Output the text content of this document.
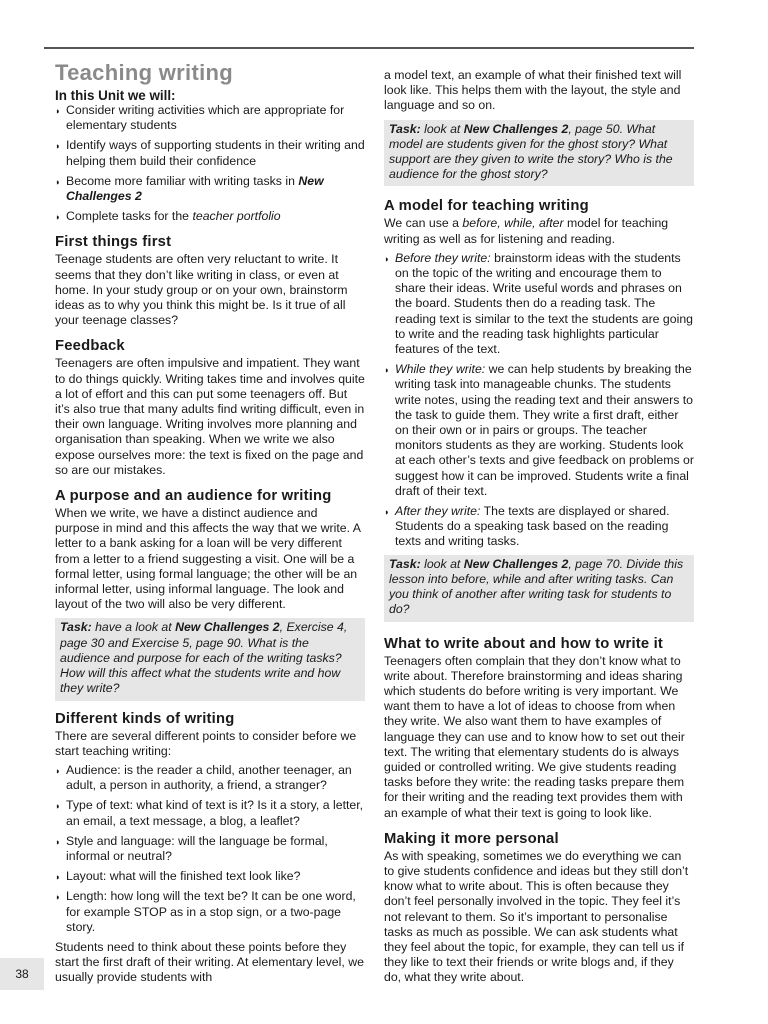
Teaching writing
In this Unit we will:
◗ Consider writing activities which are appropriate for elementary students
◗ Identify ways of supporting students in their writing and helping them build their confidence
◗ Become more familiar with writing tasks in New Challenges 2
◗ Complete tasks for the teacher portfolio
First things first

Teenage students are often very reluctant to write. It seems that they don’t like writing in class, or even at home. In your study group or on your own, brainstorm ideas as to why you think this might be. Is it true of all your teenage classes?

Feedback

Teenagers are often impulsive and impatient. They want to do things quickly. Writing takes time and involves quite a lot of effort and this can put some teenagers off. But it’s also true that many adults find writing difficult, even in their own language. Writing involves more planning and organisation than speaking. When we write we also expose ourselves more: the text is fixed on the page and so are our mistakes.

A purpose and an audience for writing

When we write, we have a distinct audience and purpose in mind and this affects the way that we write. A letter to a bank asking for a loan will be very different from a letter to a friend suggesting a visit. One will be a formal letter, using formal language; the other will be an informal letter, using informal language. The look and layout of the two will also be very different.

Task: have a look at New Challenges 2, Exercise 4, page 30 and Exercise 5, page 90. What is the audience and purpose for each of the writing tasks? How will this affect what the students write and how they write?
Different kinds of writing

There are several different points to consider before we start teaching writing:

◗ Audience: is the reader a child, another teenager, an adult, a person in authority, a friend, a stranger?
◗ Type of text: what kind of text is it? Is it a story, a letter, an email, a text message, a blog, a leaflet?
◗ Style and language: will the language be formal, informal or neutral?
◗ Layout: what will the finished text look like?
◗ Length: how long will the text be? It can be one word, for example STOP as in a stop sign, or a two-page story.

Students need to think about these points before they start the first draft of their writing. At elementary level, we usually provide students with

a model text, an example of what their finished text will look like. This helps them with the layout, the style and language and so on.

Task: look at New Challenges 2, page 50. What model are students given for the ghost story? What support are they given to write the story? Who is the audience for the ghost story?
A model for teaching writing

We can use a before, while, after model for teaching writing as well as for listening and reading.

◗ Before they write: brainstorm ideas with the students on the topic of the writing and encourage them to share their ideas. Write useful words and phrases on the board. Students then do a reading task. The reading text is similar to the text the students are going to write and the reading task highlights particular features of the text.
◗ While they write: we can help students by breaking the writing task into manageable chunks. The students write notes, using the reading text and their answers to the task to guide them. They write a first draft, either on their own or in pairs or groups. The teacher monitors students as they are working. Students look at each other’s texts and give feedback on problems or suggest how it can be improved. Students write a final draft of their text.
◗ After they write: The texts are displayed or shared. Students do a speaking task based on the reading texts and writing tasks.
Task: look at New Challenges 2, page 70. Divide this lesson into before, while and after writing tasks. Can you think of another after writing task for students to do?
What to write about and how to write it

Teenagers often complain that they don’t know what to write about. Therefore brainstorming and ideas sharing which students do before writing is very important. We want them to have a lot of ideas to choose from when they write. We also want them to have examples of language they can use and to know how to set out their text. The writing that elementary students do is always guided or controlled writing. We give students reading tasks before they write: the reading tasks prepare them for their writing and the reading text provides them with an example of what their text is going to look like.

Making it more personal

As with speaking, sometimes we do everything we can to give students confidence and ideas but they still don’t know what to write about. This is often because they don’t feel personally involved in the topic. They feel it’s not relevant to them. So it’s important to personalise tasks as much as possible. We can ask students what they feel about the topic, for example, they can tell us if they like to text their friends or write blogs and, if they do, what they write about.

38
